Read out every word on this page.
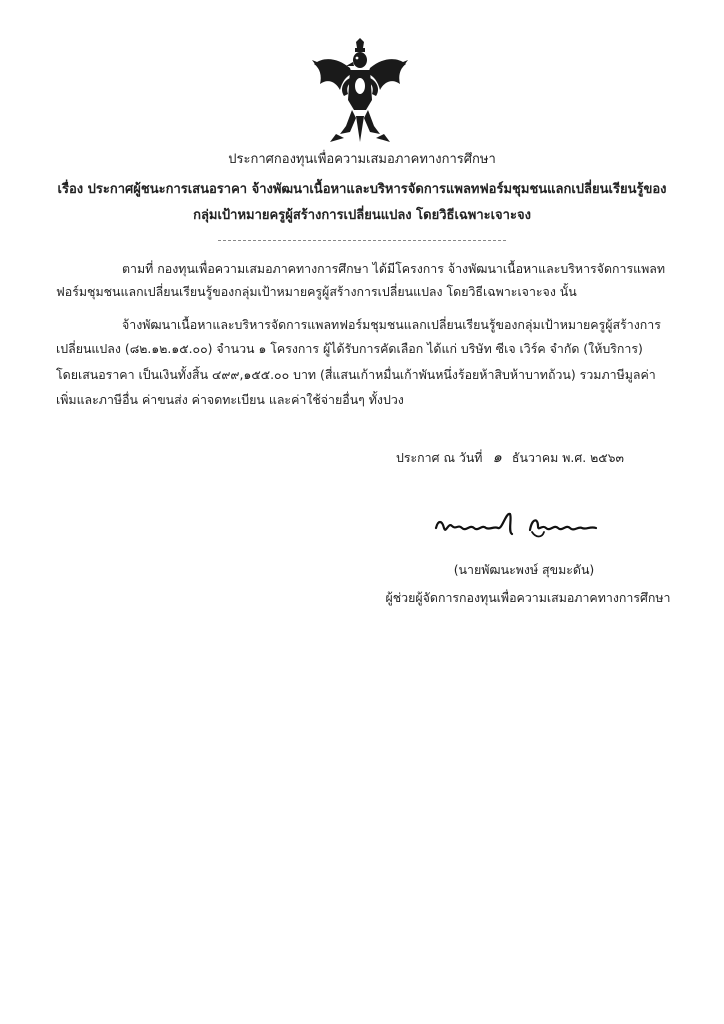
ประกาศกองทุนเพื่อความเสมอภาคทางการศึกษา
เรื่อง ประกาศผู้ชนะการเสนอราคา จ้างพัฒนาเนื้อหาและบริหารจัดการแพลทฟอร์มชุมชนแลกเปลี่ยนเรียนรู้ของ
กลุ่มเป้าหมายครูผู้สร้างการเปลี่ยนแปลง โดยวิธีเฉพาะเจาะจง
ตามที่ กองทุนเพื่อความเสมอภาคทางการศึกษา ได้มีโครงการ จ้างพัฒนาเนื้อหาและบริหารจัดการแพลท
ฟอร์มชุมชนแลกเปลี่ยนเรียนรู้ของกลุ่มเป้าหมายครูผู้สร้างการเปลี่ยนแปลง โดยวิธีเฉพาะเจาะจง นั้น
จ้างพัฒนาเนื้อหาและบริหารจัดการแพลทฟอร์มชุมชนแลกเปลี่ยนเรียนรู้ของกลุ่มเป้าหมายครูผู้สร้างการ
เปลี่ยนแปลง (๘๒.๑๒.๑๕.๐๐) จำนวน ๑ โครงการ ผู้ได้รับการคัดเลือก ได้แก่ บริษัท ซีเจ เวิร์ค จำกัด (ให้บริการ)
โดยเสนอราคา เป็นเงินทั้งสิ้น ๔๙๙,๑๕๕.๐๐ บาท (สี่แสนเก้าหมื่นเก้าพันหนึ่งร้อยห้าสิบห้าบาทถ้วน) รวมภาษีมูลค่า
เพิ่มและภาษีอื่น ค่าขนส่ง ค่าจดทะเบียน และค่าใช้จ่ายอื่นๆ ทั้งปวง
ประกาศ ณ วันที่ ๑ ธันวาคม พ.ศ. ๒๕๖๓
(นายพัฒนะพงษ์ สุขมะดัน)
ผู้ช่วยผู้จัดการกองทุนเพื่อความเสมอภาคทางการศึกษา
